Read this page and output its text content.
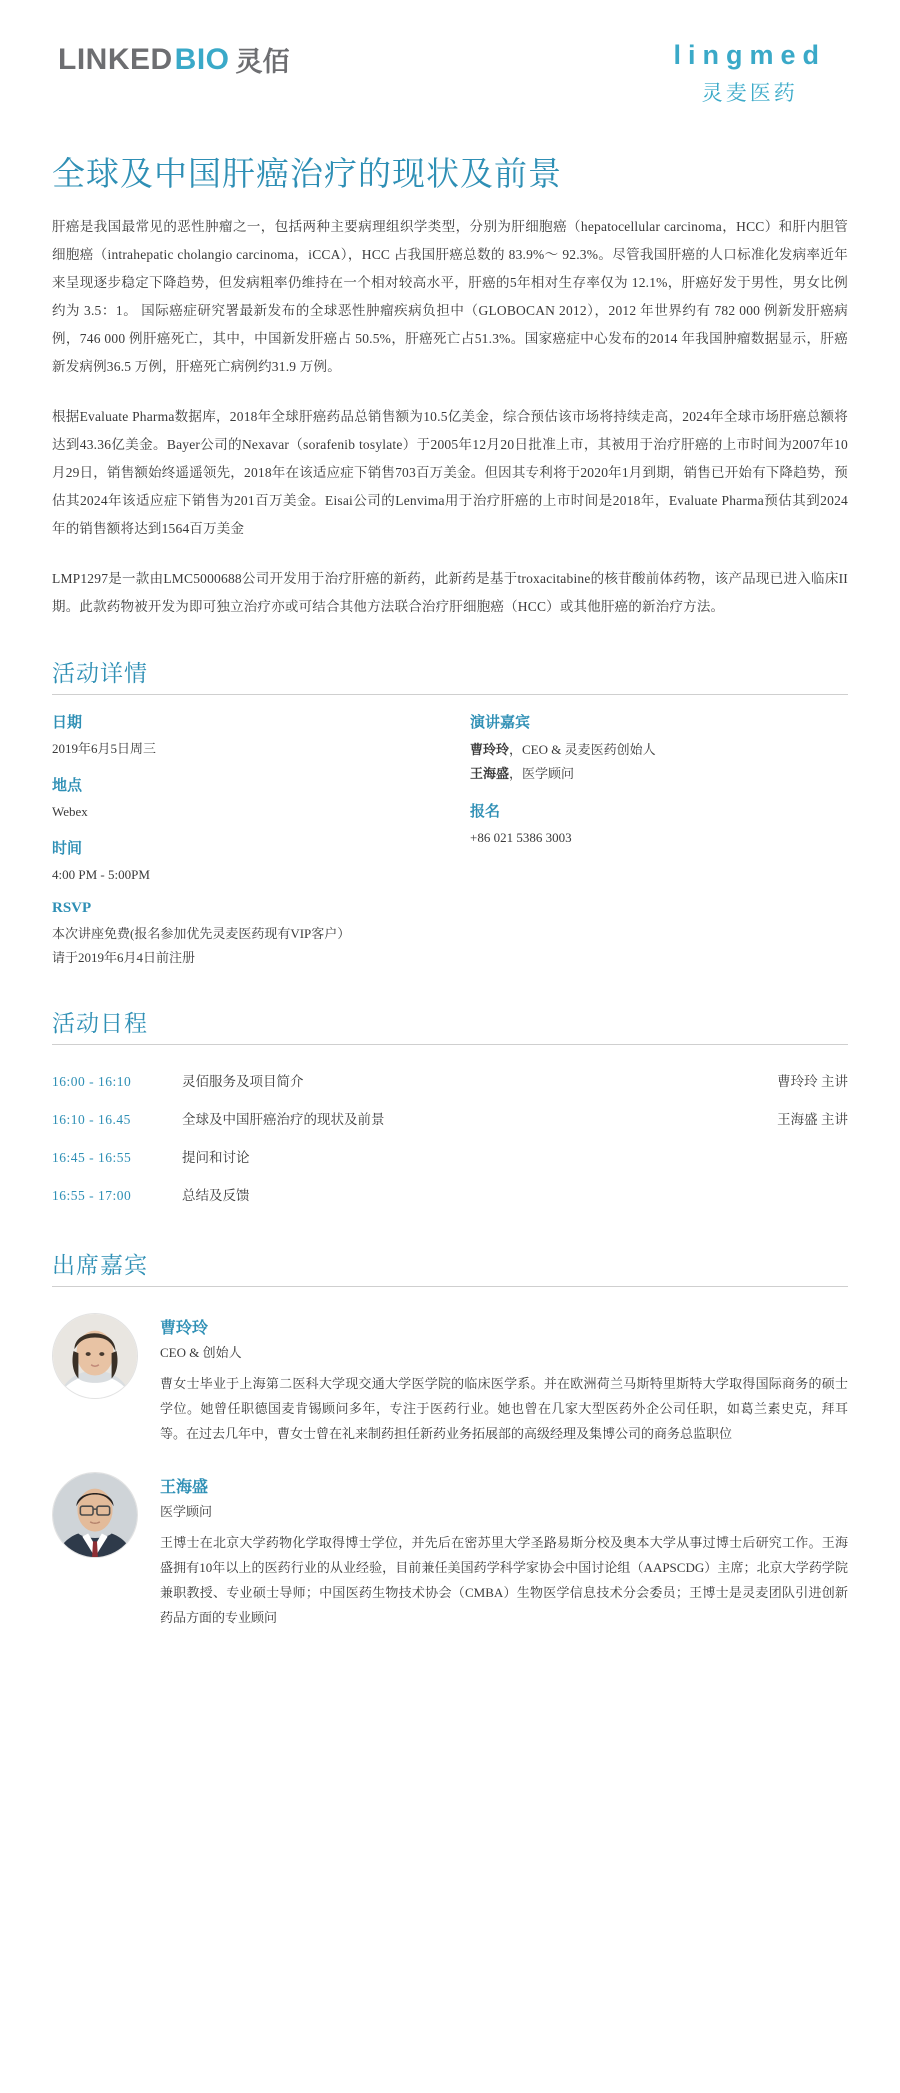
LINKED BIO 灵佰	lingmed
灵麦医药
全球及中国肝癌治疗的现状及前景

肝癌是我国最常见的恶性肿瘤之一，包括两种主要病理组织学类型，分别为肝细胞癌（hepatocellular carcinoma，HCC）和肝内胆管细胞癌（intrahepatic cholangio carcinoma，iCCA），HCC 占我国肝癌总数的 83.9%～ 92.3%。尽管我国肝癌的人口标准化发病率近年来呈现逐步稳定下降趋势，但发病粗率仍维持在一个相对较高水平，肝癌的5年相对生存率仅为 12.1%，肝癌好发于男性，男女比例约为 3.5：1。 国际癌症研究署最新发布的全球恶性肿瘤疾病负担中（GLOBOCAN 2012），2012 年世界约有 782 000 例新发肝癌病例，746 000 例肝癌死亡，其中，中国新发肝癌占 50.5%，肝癌死亡占51.3%。国家癌症中心发布的2014 年我国肿瘤数据显示，肝癌新发病例36.5 万例，肝癌死亡病例约31.9 万例。

根据Evaluate Pharma数据库，2018年全球肝癌药品总销售额为10.5亿美金，综合预估该市场将持续走高，2024年全球市场肝癌总额将达到43.36亿美金。Bayer公司的Nexavar（sorafenib tosylate）于2005年12月20日批准上市，其被用于治疗肝癌的上市时间为2007年10月29日，销售额始终遥遥领先，2018年在该适应症下销售703百万美金。但因其专利将于2020年1月到期，销售已开始有下降趋势，预估其2024年该适应症下销售为201百万美金。Eisai公司的Lenvima用于治疗肝癌的上市时间是2018年，Evaluate Pharma预估其到2024年的销售额将达到1564百万美金

LMP1297是一款由LMC5000688公司开发用于治疗肝癌的新药，此新药是基于troxacitabine的核苷酸前体药物，该产品现已进入临床II期。此款药物被开发为即可独立治疗亦或可结合其他方法联合治疗肝细胞癌（HCC）或其他肝癌的新治疗方法。

活动详情
日期
2019年6月5日周三
地点
Webex
时间
4:00 PM - 5:00PM
RSVP
本次讲座免费(报名参加优先灵麦医药现有VIP客户）
请于2019年6月4日前注册
演讲嘉宾

曹玲玲，CEO & 灵麦医药创始人

王海盛，医学顾问

报名
+86 021 5386 3003
活动日程
16:00 - 16:10	灵佰服务及项目简介	曹玲玲 主讲
16:10 - 16.45	全球及中国肝癌治疗的现状及前景	王海盛 主讲
16:45 - 16:55	提问和讨论
16:55 - 17:00	总结及反馈
出席嘉宾
曹玲玲
CEO & 创始人

曹女士毕业于上海第二医科大学现交通大学医学院的临床医学系。并在欧洲荷兰马斯特里斯特大学取得国际商务的硕士学位。她曾任职德国麦肯锡顾问多年，专注于医药行业。她也曾在几家大型医药外企公司任职，如葛兰素史克，拜耳等。在过去几年中，曹女士曾在礼来制药担任新药业务拓展部的高级经理及集博公司的商务总监职位

王海盛
医学顾问

王博士在北京大学药物化学取得博士学位，并先后在密苏里大学圣路易斯分校及奥本大学从事过博士后研究工作。王海盛拥有10年以上的医药行业的从业经验，目前兼任美国药学科学家协会中国讨论组（AAPSCDG）主席；北京大学药学院兼职教授、专业硕士导师；中国医药生物技术协会（CMBA）生物医学信息技术分会委员；王博士是灵麦团队引进创新药品方面的专业顾问
